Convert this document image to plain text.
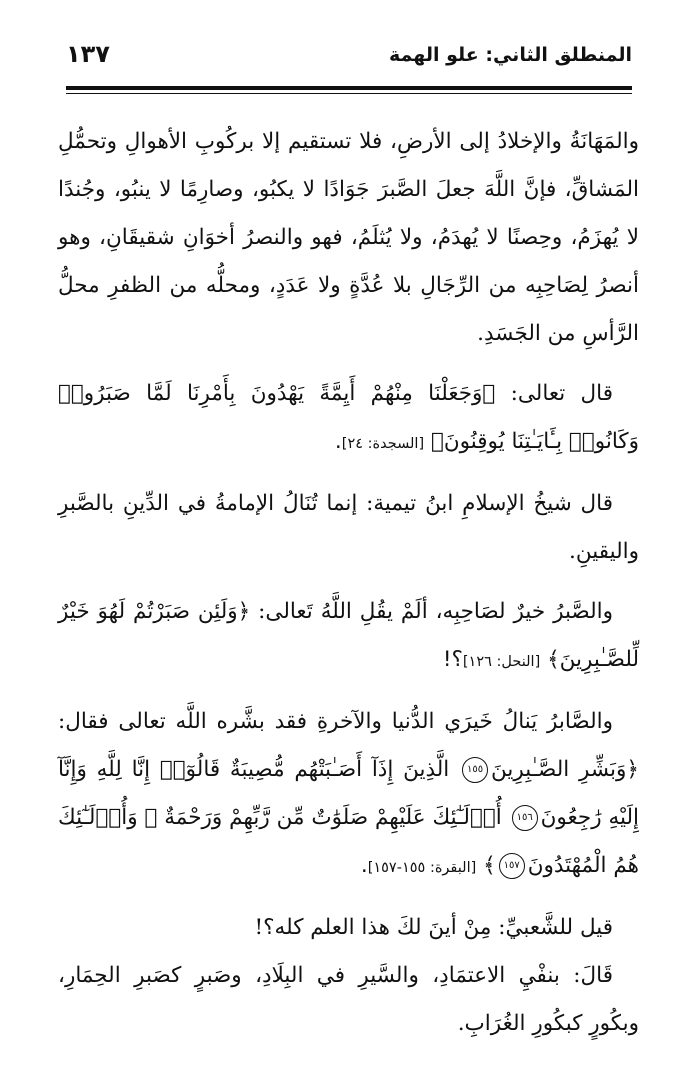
المنطلق الثاني: علو الهمة
١٣٧

والمَهَانَةُ والإخلادُ إلى الأرضِ، فلا تستقيم إلا بركُوبِ الأهوالِ وتحمُّلِ المَشاقِّ، فإنَّ اللَّهَ جعلَ الصَّبرَ جَوَادًا لا يكبُو، وصارِمًا لا ينبُو، وجُندًا لا يُهزَمُ، وحِصنًا لا يُهدَمُ، ولا يُثلَمُ، فهو والنصرُ أخوَانِ شقيقَانِ، وهو أنصرُ لِصَاحِبِه من الرِّجَالِ بلا عُدَّةٍ ولا عَدَدٍ، ومحلُّه من الظفرِ محلُّ الرَّأسِ من الجَسَدِ.

قال تعالى: ﴿وَجَعَلْنَا مِنْهُمْ أَيِمَّةً يَهْدُونَ بِأَمْرِنَا لَمَّا صَبَرُوا۟ وَكَانُوا۟ بِـَٔايَـٰتِنَا يُوقِنُونَ﴾ [السجدة: ٢٤].

قال شيخُ الإسلامِ ابنُ تيمية: إنما تُنَالُ الإمامةُ في الدِّينِ بالصَّبرِ واليقينِ.

والصَّبرُ خيرٌ لصَاحِبِه، ألَمْ يقُلِ اللَّهُ تَعالى: ﴿وَلَئِن صَبَرْتُمْ لَهُوَ خَيْرٌ لِّلصَّـٰبِرِينَ﴾ [النحل: ١٢٦]؟!

والصَّابرُ يَنالُ خَيرَي الدُّنيا والآخرةِ فقد بشَّره اللَّه تعالى فقال: ﴿وَبَشِّرِ الصَّـٰبِرِينَ١٥٥ الَّذِينَ إِذَآ أَصَـٰبَتْهُم مُّصِيبَةٌ قَالُوٓا۟ إِنَّا لِلَّهِ وَإِنَّآ إِلَيْهِ رَٰجِعُونَ١٥٦ أُو۟لَـٰٓئِكَ عَلَيْهِمْ صَلَوَٰتٌ مِّن رَّبِّهِمْ وَرَحْمَةٌ ۖ وَأُو۟لَـٰٓئِكَ هُمُ الْمُهْتَدُونَ١٥٧﴾ [البقرة: ١٥٥-١٥٧].

قيل للشَّعبيِّ: مِنْ أينَ لكَ هذا العلم كله؟!

قَالَ: بنفْيِ الاعتمَادِ، والسَّيرِ في البِلَادِ، وصَبرٍ كصَبرِ الحِمَارِ، وبكُورٍ كبكُورِ الغُرَابِ.
